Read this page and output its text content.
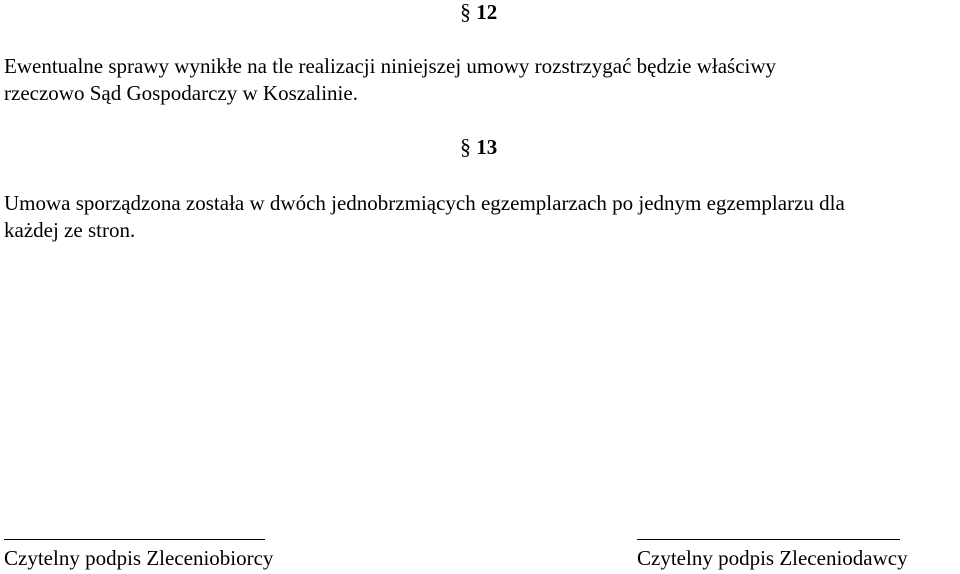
§ 12
Ewentualne sprawy wynikłe na tle realizacji niniejszej umowy rozstrzygać będzie właściwy
rzeczowo Sąd Gospodarczy w Koszalinie.
§ 13
Umowa sporządzona została w dwóch jednobrzmiących egzemplarzach po jednym egzemplarzu dla
każdej ze stron.
Czytelny podpis Zleceniobiorcy	Czytelny podpis Zleceniodawcy
